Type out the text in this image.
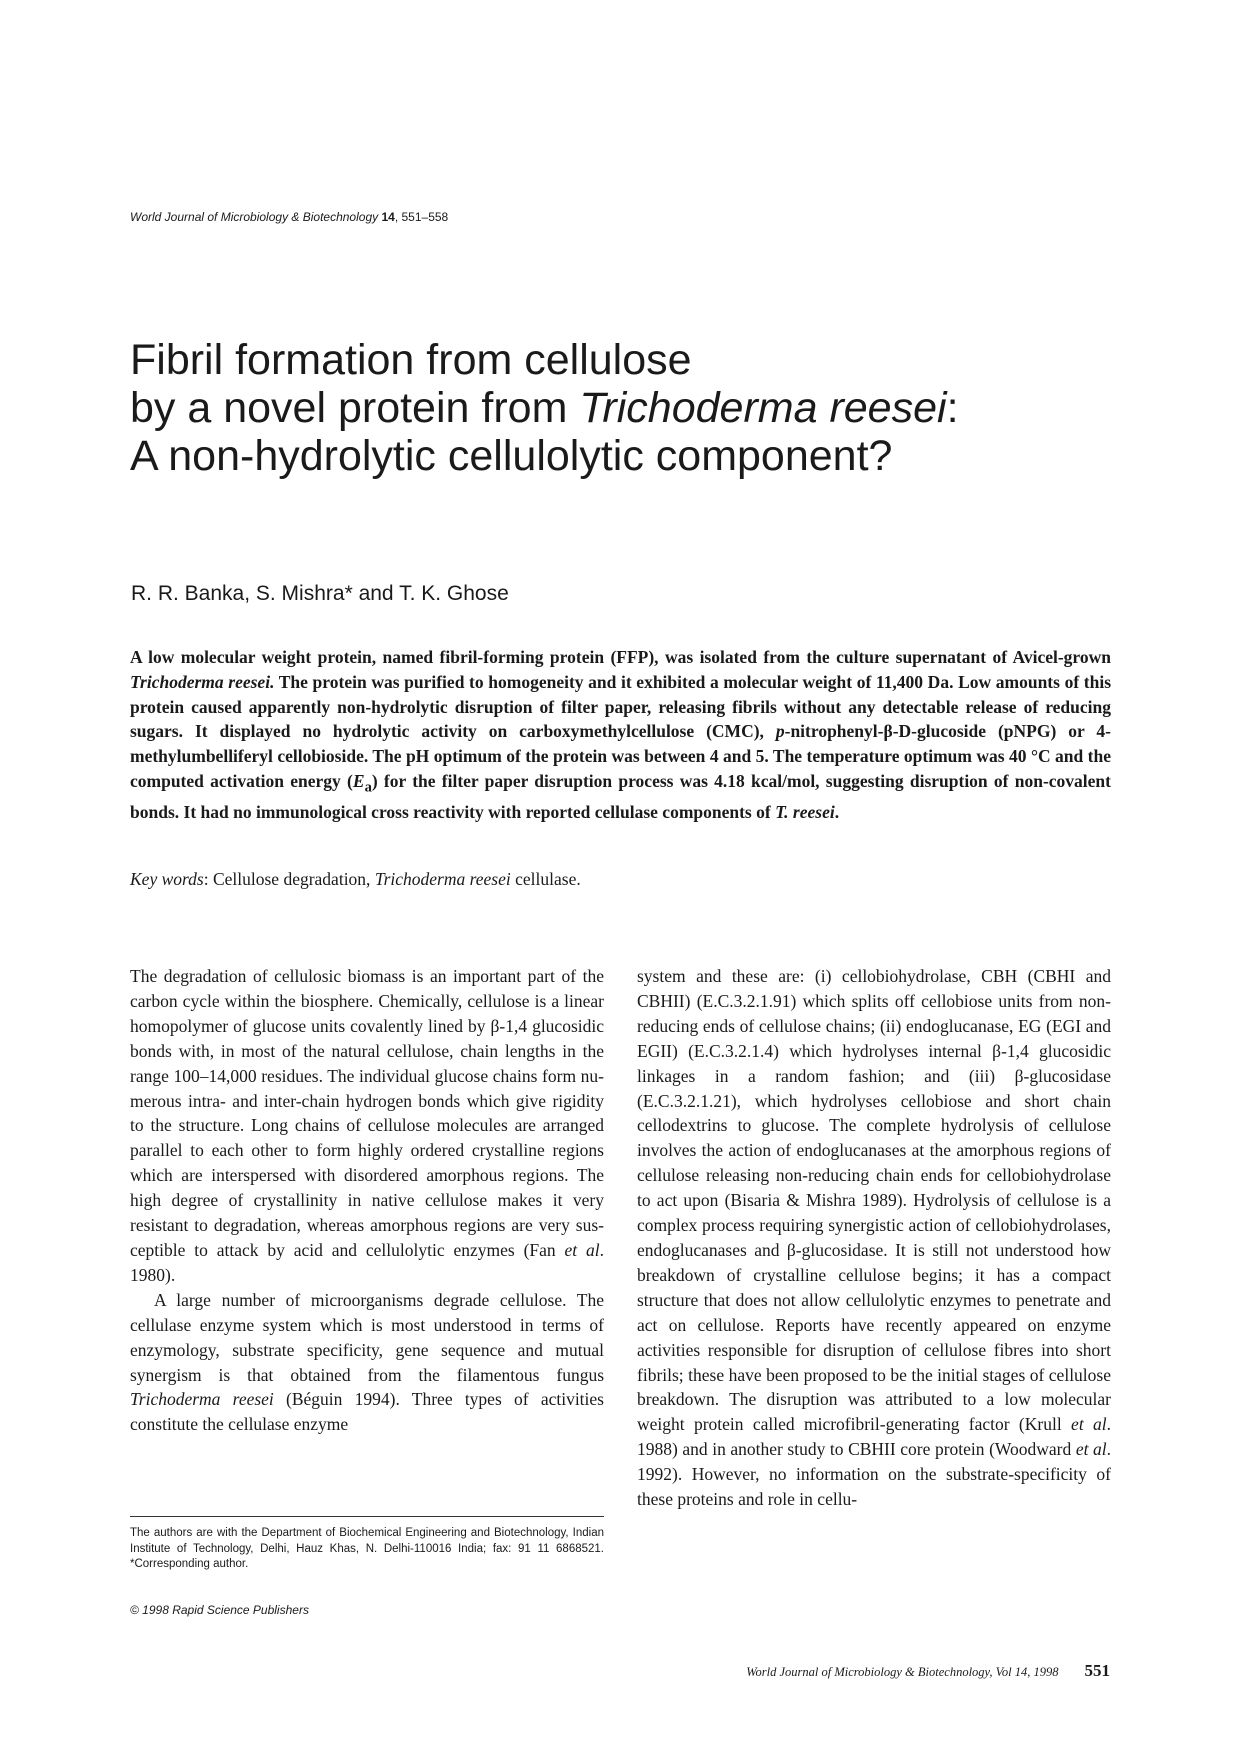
World Journal of Microbiology & Biotechnology 14, 551–558
Fibril formation from cellulose
by a novel protein from Trichoderma reesei:
A non-hydrolytic cellulolytic component?
R. R. Banka, S. Mishra* and T. K. Ghose

A low molecular weight protein, named fibril-forming protein (FFP), was isolated from the culture supernatant of Avicel-grown Trichoderma reesei. The protein was purified to homogeneity and it exhibited a molecular weight of 11,400 Da. Low amounts of this protein caused apparently non-hydrolytic disruption of filter paper, releasing fibrils without any detectable release of reducing sugars. It displayed no hydrolytic activity on carboxymethylcellulose (CMC), p-nitrophenyl-β-D-glucoside (pNPG) or 4-methylumbelliferyl cellobioside. The pH optimum of the protein was between 4 and 5. The temperature optimum was 40 °C and the computed activation energy $(E_a)$ for the filter paper disruption process was 4.18 kcal/mol, suggesting disruption of non-covalent bonds. It had no immunological cross reactivity with reported cellulase components of T. reesei.

Key words: Cellulose degradation, Trichoderma reesei cellulase.

The degradation of cellulosic biomass is an important part of the carbon cycle within the biosphere. Chemically, cellulose is a linear homopolymer of glucose units covalently lined by β-1,4 glucosidic bonds with, in most of the natural cellulose, chain lengths in the range 100–14,000 residues. The individual glucose chains form numerous intra- and inter-chain hydrogen bonds which give rigidity to the structure. Long chains of cellulose molecules are arranged parallel to each other to form highly ordered crystalline regions which are interspersed with disordered amorphous regions. The high degree of crystallinity in native cellulose makes it very resistant to degradation, whereas amorphous regions are very susceptible to attack by acid and cellulolytic enzymes (Fan et al. 1980).

A large number of microorganisms degrade cellulose. The cellulase enzyme system which is most understood in terms of enzymology, substrate specificity, gene sequence and mutual synergism is that obtained from the filamentous fungus Trichoderma reesei (Béguin 1994). Three types of activities constitute the cellulase enzyme

system and these are: (i) cellobiohydrolase, CBH (CBHI and CBHII) (E.C.3.2.1.91) which splits off cellobiose units from non-reducing ends of cellulose chains; (ii) endoglucanase, EG (EGI and EGII) (E.C.3.2.1.4) which hydrolyses internal β-1,4 glucosidic linkages in a random fashion; and (iii) β-glucosidase (E.C.3.2.1.21), which hydrolyses cellobiose and short chain cellodextrins to glucose. The complete hydrolysis of cellulose involves the action of endoglucanases at the amorphous regions of cellulose releasing non-reducing chain ends for cellobiohydrolase to act upon (Bisaria & Mishra 1989). Hydrolysis of cellulose is a complex process requiring synergistic action of cellobiohydrolases, endoglucanases and β-glucosidase. It is still not understood how breakdown of crystalline cellulose begins; it has a compact structure that does not allow cellulolytic enzymes to penetrate and act on cellulose. Reports have recently appeared on enzyme activities responsible for disruption of cellulose fibres into short fibrils; these have been proposed to be the initial stages of cellulose breakdown. The disruption was attributed to a low molecular weight protein called microfibril-generating factor (Krull et al. 1988) and in another study to CBHII core protein (Woodward et al. 1992). However, no information on the substrate-specificity of these proteins and role in cellu-

The authors are with the Department of Biochemical Engineering and Biotechnology, Indian Institute of Technology, Delhi, Hauz Khas, N. Delhi-110016 India; fax: 91 11 6868521. *Corresponding author.

© 1998 Rapid Science Publishers
World Journal of Microbiology & Biotechnology, Vol 14, 1998 551
